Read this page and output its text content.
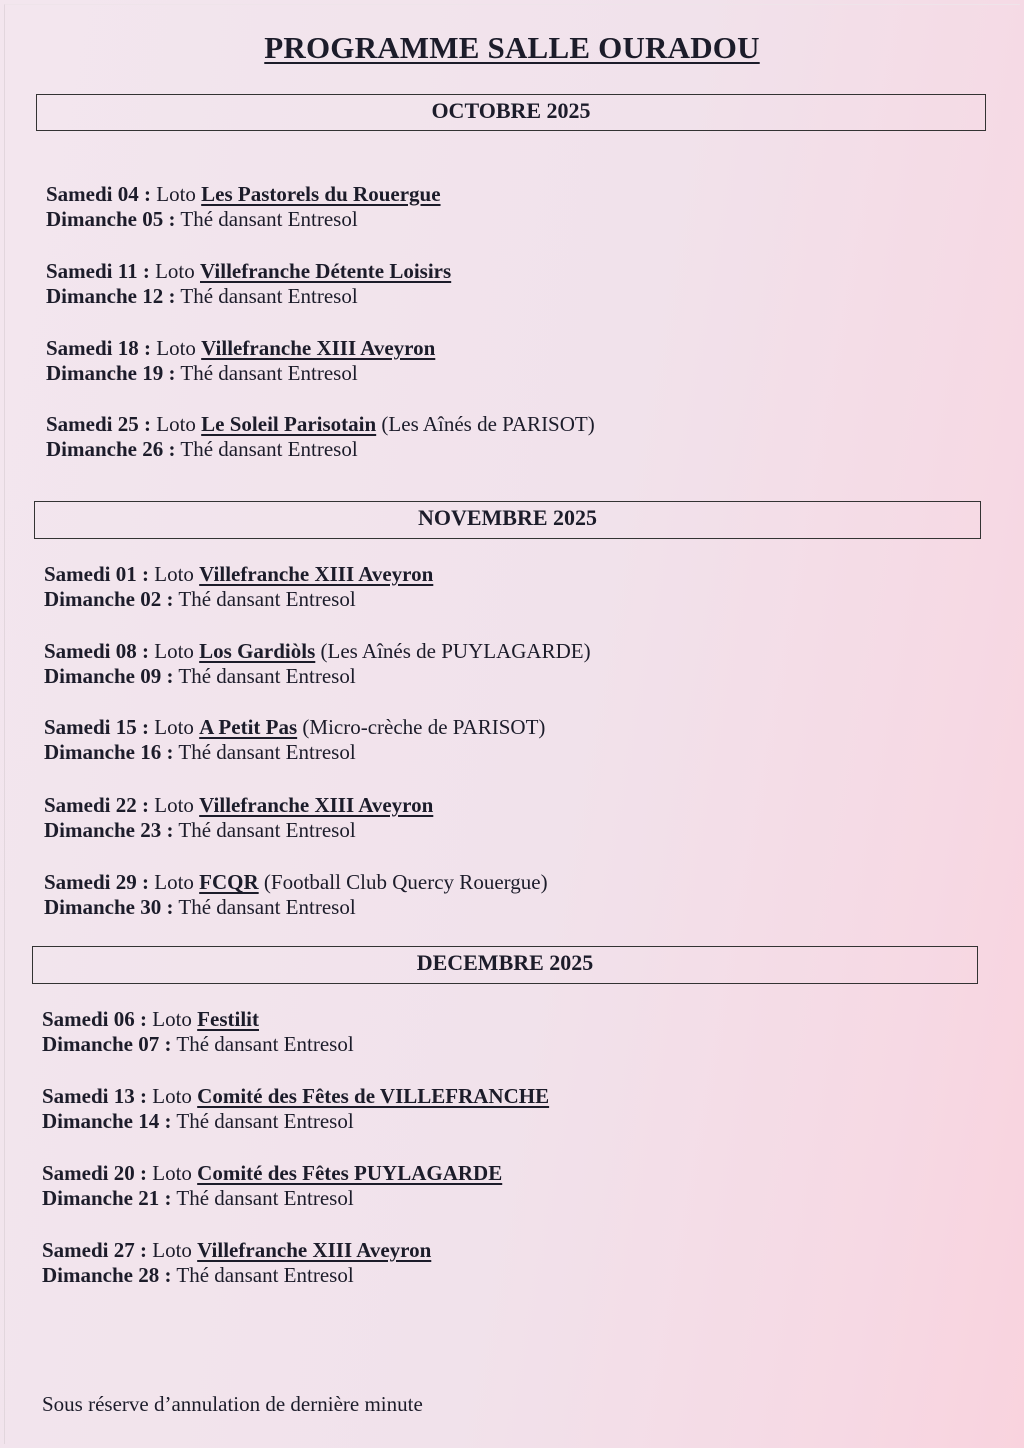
PROGRAMME SALLE OURADOU
OCTOBRE 2025
Samedi 04 : Loto Les Pastorels du Rouergue
Dimanche 05 : Thé dansant Entresol
Samedi 11 : Loto Villefranche Détente Loisirs
Dimanche 12 : Thé dansant Entresol
Samedi 18 : Loto Villefranche XIII Aveyron
Dimanche 19 : Thé dansant Entresol
Samedi 25 : Loto Le Soleil Parisotain (Les Aînés de PARISOT)
Dimanche 26 : Thé dansant Entresol
NOVEMBRE 2025
Samedi 01 : Loto Villefranche XIII Aveyron
Dimanche 02 : Thé dansant Entresol
Samedi 08 : Loto Los Gardiòls (Les Aînés de PUYLAGARDE)
Dimanche 09 : Thé dansant Entresol
Samedi 15 : Loto A Petit Pas (Micro-crèche de PARISOT)
Dimanche 16 : Thé dansant Entresol
Samedi 22 : Loto Villefranche XIII Aveyron
Dimanche 23 : Thé dansant Entresol
Samedi 29 : Loto FCQR (Football Club Quercy Rouergue)
Dimanche 30 : Thé dansant Entresol
DECEMBRE 2025
Samedi 06 : Loto Festilit
Dimanche 07 : Thé dansant Entresol
Samedi 13 : Loto Comité des Fêtes de VILLEFRANCHE
Dimanche 14 : Thé dansant Entresol
Samedi 20 : Loto Comité des Fêtes PUYLAGARDE
Dimanche 21 : Thé dansant Entresol
Samedi 27 : Loto Villefranche XIII Aveyron
Dimanche 28 : Thé dansant Entresol
Sous réserve d’annulation de dernière minute
